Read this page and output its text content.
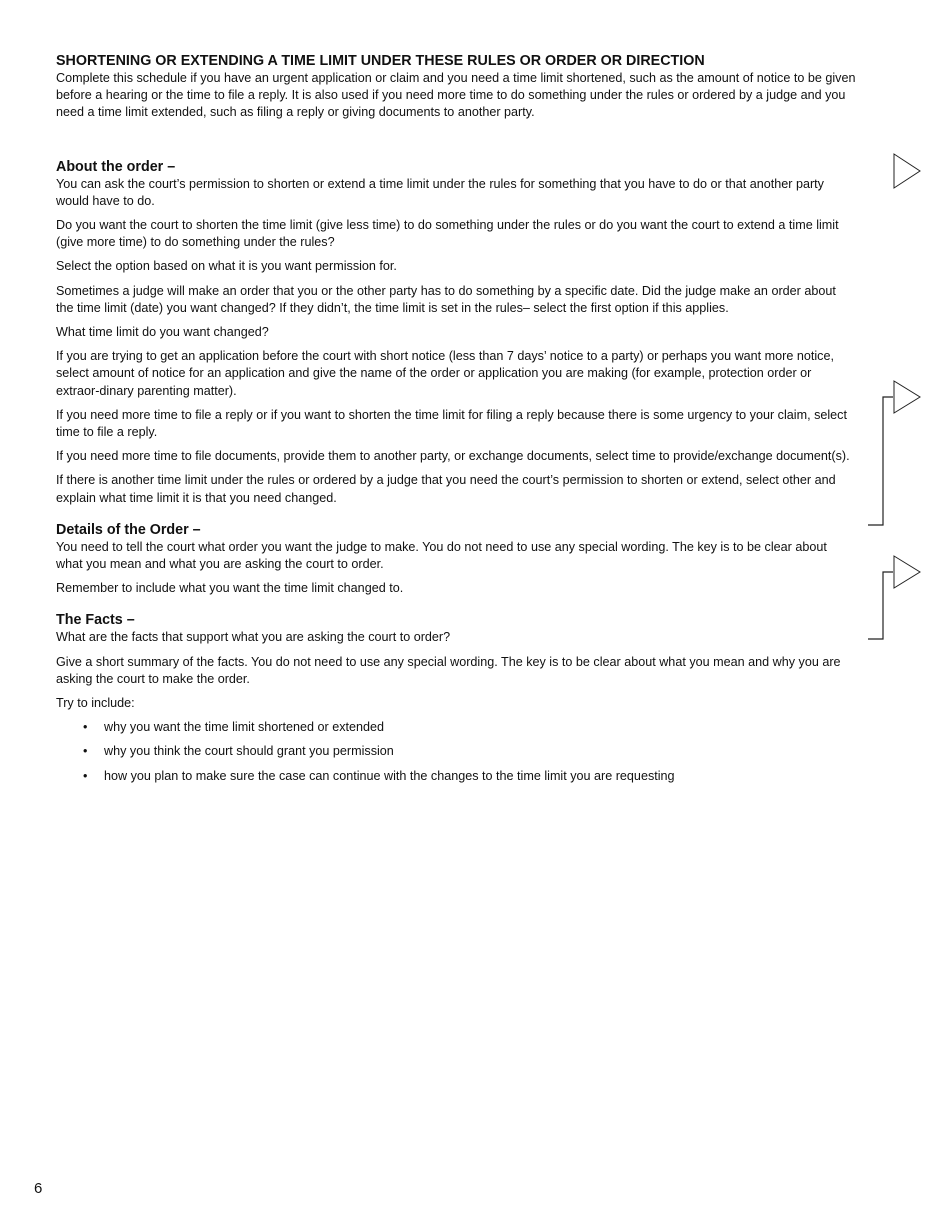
SHORTENING OR EXTENDING A TIME LIMIT UNDER THESE RULES OR ORDER OR DIRECTION

Complete this schedule if you have an urgent application or claim and you need a time limit shortened, such as the amount of notice to be given before a hearing or the time to file a reply. It is also used if you need more time to do something under the rules or ordered by a judge and you need a time limit extended, such as filing a reply or giving documents to another party.

About the order –

You can ask the court’s permission to shorten or extend a time limit under the rules for something that you have to do or that another party would have to do.

Do you want the court to shorten the time limit (give less time) to do something under the rules or do you want the court to extend a time limit (give more time) to do something under the rules?

Select the option based on what it is you want permission for.

Sometimes a judge will make an order that you or the other party has to do something by a specific date. Did the judge make an order about the time limit (date) you want changed? If they didn’t, the time limit is set in the rules– select the first option if this applies.

What time limit do you want changed?

If you are trying to get an application before the court with short notice (less than 7 days’ notice to a party) or perhaps you want more notice, select amount of notice for an application and give the name of the order or application you are making (for example, protection order or extraor-dinary parenting matter).

If you need more time to file a reply or if you want to shorten the time limit for filing a reply because there is some urgency to your claim, select time to file a reply.

If you need more time to file documents, provide them to another party, or exchange documents, select time to provide/exchange document(s).

If there is another time limit under the rules or ordered by a judge that you need the court’s permission to shorten or extend, select other and explain what time limit it is that you need changed.

Details of the Order –

You need to tell the court what order you want the judge to make. You do not need to use any special wording. The key is to be clear about what you mean and what you are asking the court to order.

Remember to include what you want the time limit changed to.

The Facts –

What are the facts that support what you are asking the court to order?

Give a short summary of the facts. You do not need to use any special wording. The key is to be clear about what you mean and why you are asking the court to make the order.

Try to include:

• why you want the time limit shortened or extended
• why you think the court should grant you permission
• how you plan to make sure the case can continue with the changes to the time limit you are requesting
6
